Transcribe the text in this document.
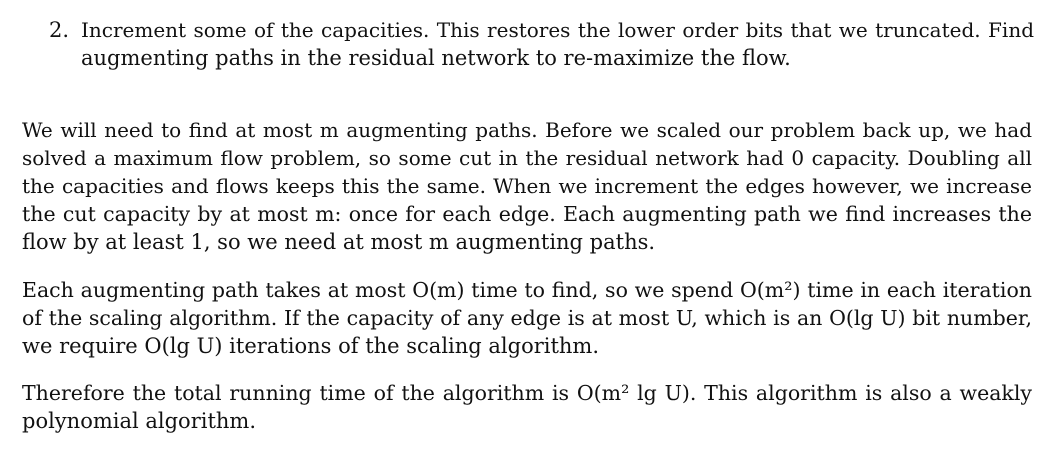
2. Increment some of the capacities. This restores the lower order bits that we truncated. Find
augmenting paths in the residual network to re-maximize the flow.
We will need to find at most m augmenting paths. Before we scaled our problem back up, we had
solved a maximum flow problem, so some cut in the residual network had 0 capacity. Doubling all
the capacities and flows keeps this the same. When we increment the edges however, we increase
the cut capacity by at most m: once for each edge. Each augmenting path we find increases the
flow by at least 1, so we need at most m augmenting paths.
Each augmenting path takes at most O(m) time to find, so we spend O(m²) time in each iteration
of the scaling algorithm. If the capacity of any edge is at most U, which is an O(lg U) bit number,
we require O(lg U) iterations of the scaling algorithm.
Therefore the total running time of the algorithm is O(m² lg U). This algorithm is also a weakly
polynomial algorithm.
